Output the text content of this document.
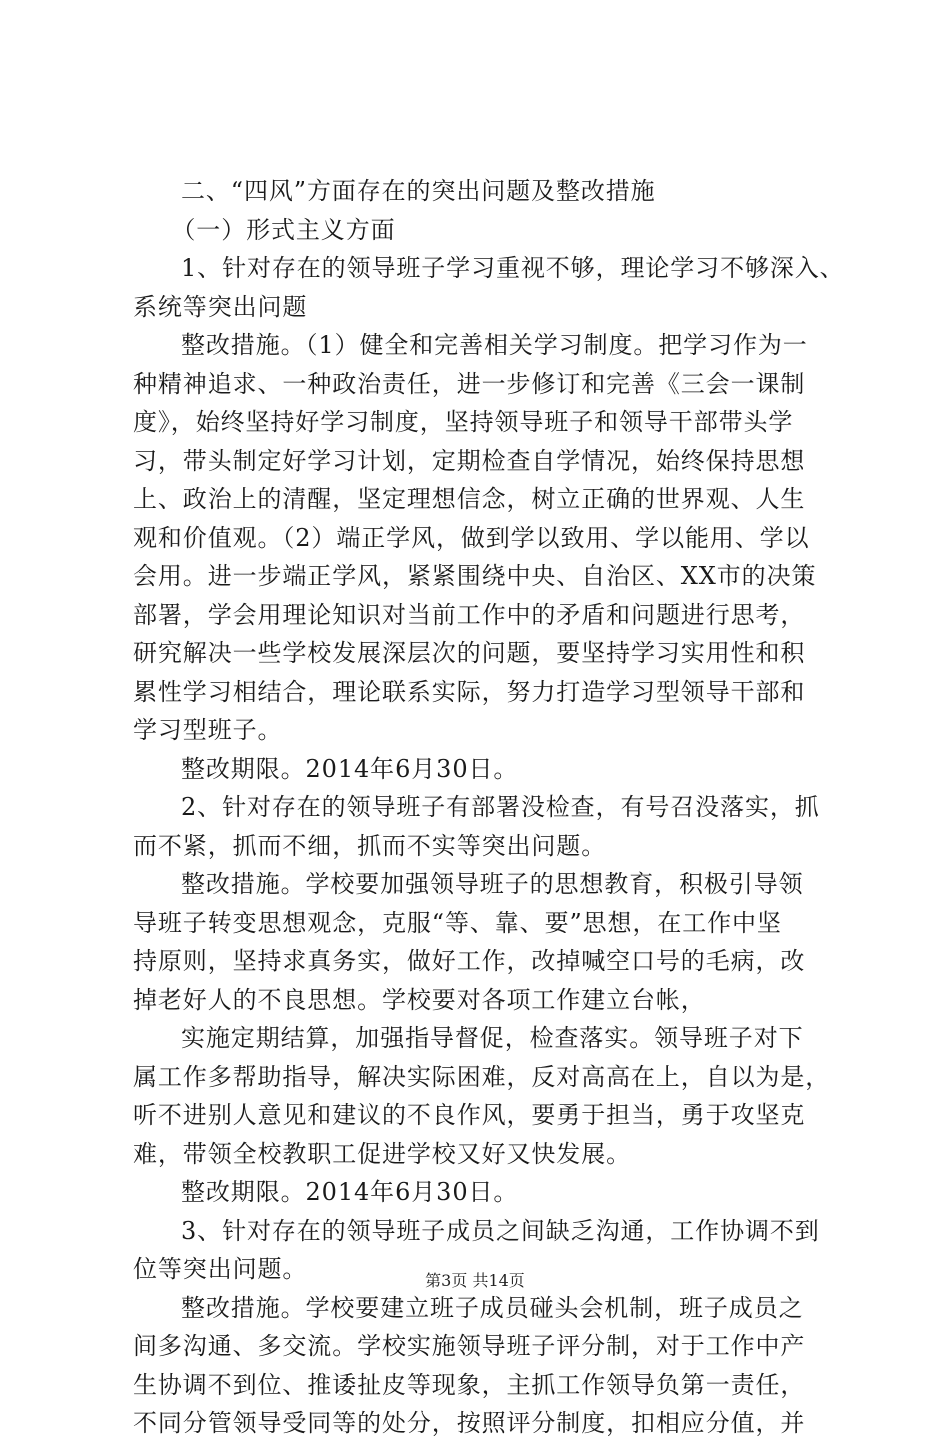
二、“四风”方面存在的突出问题及整改措施
（一）形式主义方面
1、针对存在的领导班子学习重视不够，理论学习不够深入、
系统等突出问题
整改措施。（1）健全和完善相关学习制度。把学习作为一
种精神追求、一种政治责任，进一步修订和完善《三会一课制
度》，始终坚持好学习制度，坚持领导班子和领导干部带头学
习，带头制定好学习计划，定期检查自学情况，始终保持思想
上、政治上的清醒，坚定理想信念，树立正确的世界观、人生
观和价值观。（2）端正学风，做到学以致用、学以能用、学以
会用。进一步端正学风，紧紧围绕中央、自治区、XX市的决策
部署，学会用理论知识对当前工作中的矛盾和问题进行思考，
研究解决一些学校发展深层次的问题，要坚持学习实用性和积
累性学习相结合，理论联系实际，努力打造学习型领导干部和
学习型班子。
整改期限。2014年6月30日。
2、针对存在的领导班子有部署没检查，有号召没落实，抓
而不紧，抓而不细，抓而不实等突出问题。
整改措施。学校要加强领导班子的思想教育，积极引导领
导班子转变思想观念，克服“等、靠、要”思想，在工作中坚
持原则，坚持求真务实，做好工作，改掉喊空口号的毛病，改
掉老好人的不良思想。学校要对各项工作建立台帐，
实施定期结算，加强指导督促，检查落实。领导班子对下
属工作多帮助指导，解决实际困难，反对高高在上，自以为是，
听不进别人意见和建议的不良作风，要勇于担当，勇于攻坚克
难，带领全校教职工促进学校又好又快发展。
整改期限。2014年6月30日。
3、针对存在的领导班子成员之间缺乏沟通，工作协调不到
位等突出问题。
整改措施。学校要建立班子成员碰头会机制，班子成员之
间多沟通、多交流。学校实施领导班子评分制，对于工作中产
生协调不到位、推诿扯皮等现象，主抓工作领导负第一责任，
不同分管领导受同等的处分，按照评分制度，扣相应分值，并
第3页 共14页
